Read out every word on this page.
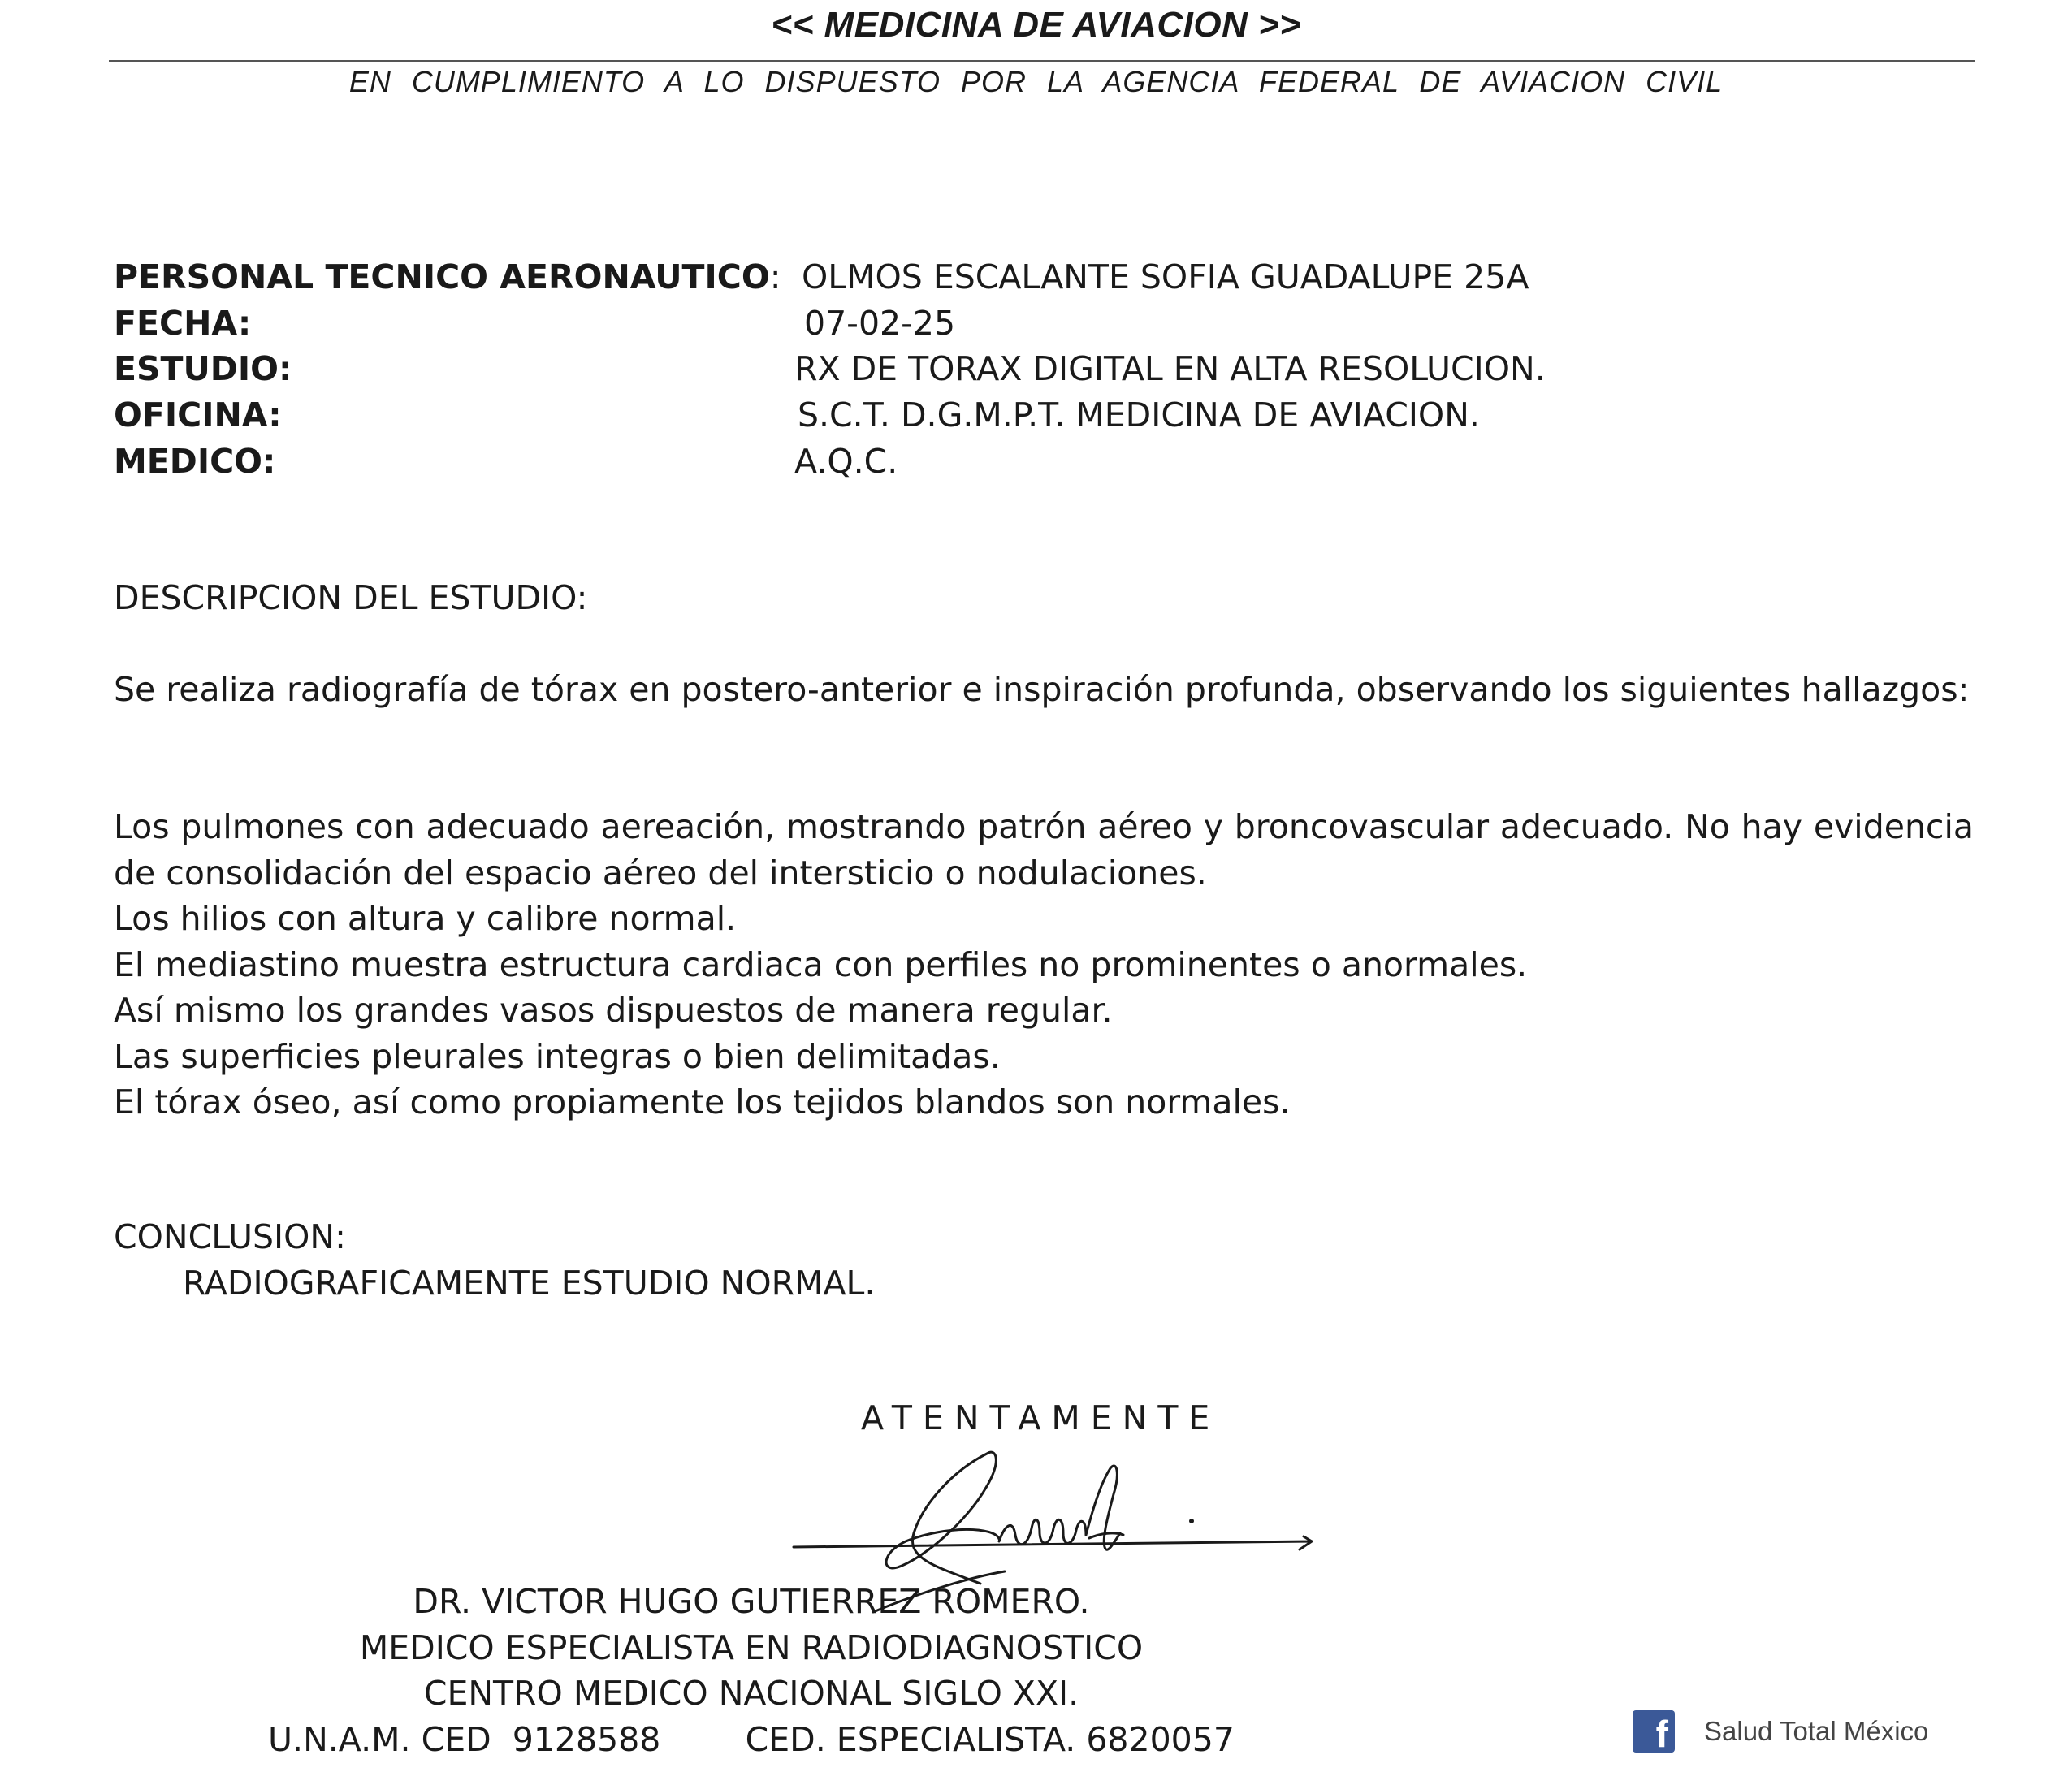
<< MEDICINA DE AVIACION >>
EN CUMPLIMIENTO A LO DISPUESTO POR LA AGENCIA FEDERAL DE AVIACION CIVIL
PERSONAL TECNICO AERONAUTICO: OLMOS ESCALANTE SOFIA GUADALUPE 25A
FECHA:	07-02-25
ESTUDIO:	RX DE TORAX DIGITAL EN ALTA RESOLUCION.
OFICINA:	S.C.T. D.G.M.P.T. MEDICINA DE AVIACION.
MEDICO:	A.Q.C.
DESCRIPCION DEL ESTUDIO:
Se realiza radiografía de tórax en postero-anterior e inspiración profunda, observando los siguientes hallazgos:
Los pulmones con adecuado aereación, mostrando patrón aéreo y broncovascular adecuado. No hay evidencia de consolidación del espacio aéreo del intersticio o nodulaciones.
Los hilios con altura y calibre normal.
El mediastino muestra estructura cardiaca con perfiles no prominentes o anormales.
Así mismo los grandes vasos dispuestos de manera regular.
Las superficies pleurales integras o bien delimitadas.
El tórax óseo, así como propiamente los tejidos blandos son normales.
CONCLUSION:
RADIOGRAFICAMENTE ESTUDIO NORMAL.
ATENTAMENTE
DR. VICTOR HUGO GUTIERREZ ROMERO.
MEDICO ESPECIALISTA EN RADIODIAGNOSTICO
CENTRO MEDICO NACIONAL SIGLO XXI.
U.N.A.M. CED  9128588        CED. ESPECIALISTA. 6820057	f Salud Total México
